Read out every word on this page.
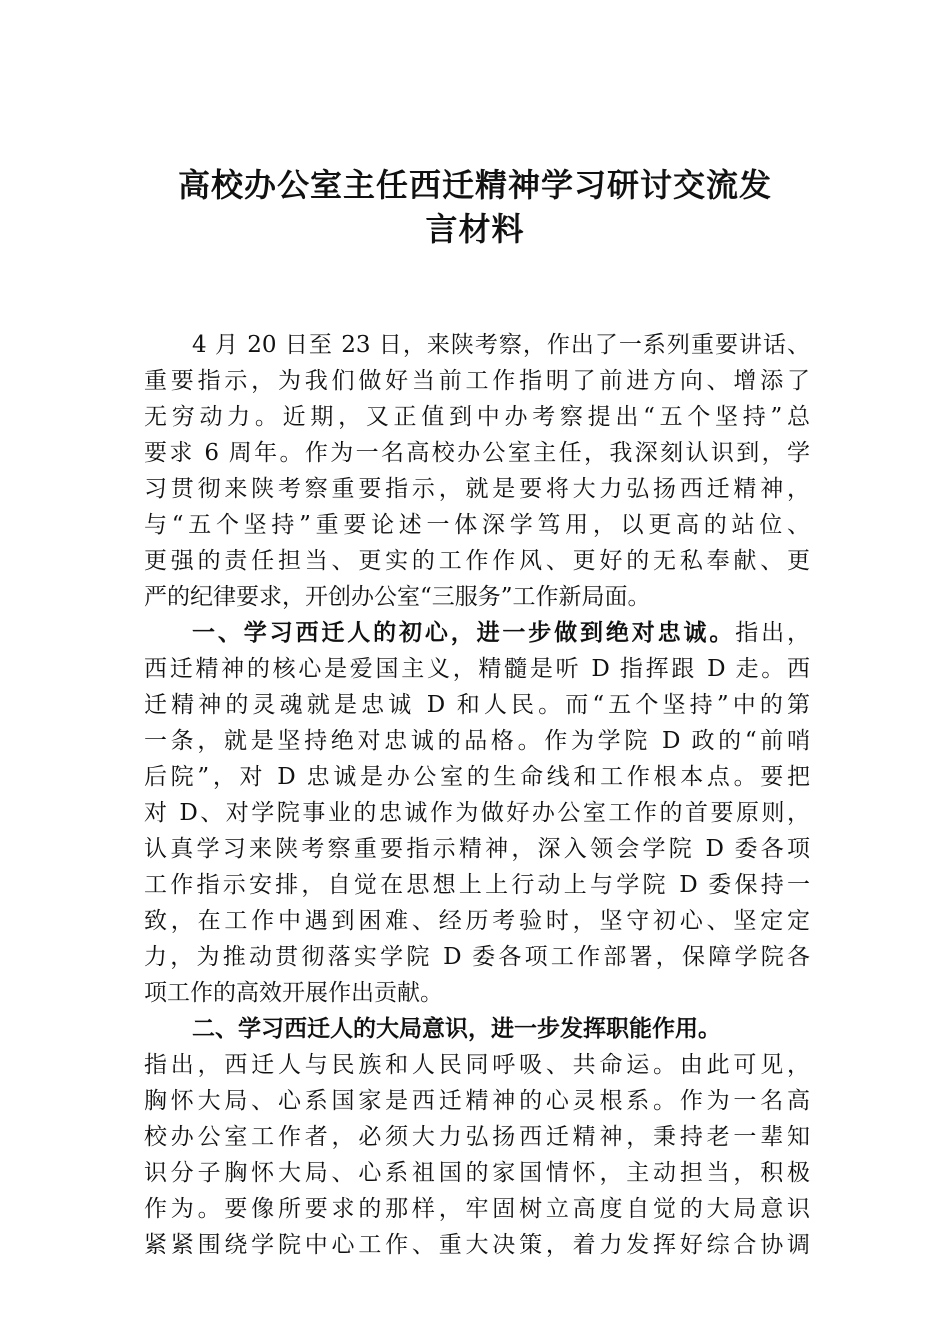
高校办公室主任西迁精神学习研讨交流发
言材料
4 月 20 日至 23 日，来陕考察，作出了一系列重要讲话、
重要指示，为我们做好当前工作指明了前进方向、增添了
无穷动力。近期，又正值到中办考察提出“五个坚持”总
要求 6 周年。作为一名高校办公室主任，我深刻认识到，学
习贯彻来陕考察重要指示，就是要将大力弘扬西迁精神，
与“五个坚持”重要论述一体深学笃用，以更高的站位、
更强的责任担当、更实的工作作风、更好的无私奉献、更
严的纪律要求，开创办公室“三服务”工作新局面。
一、学习西迁人的初心，进一步做到绝对忠诚。指出，
西迁精神的核心是爱国主义，精髓是听 D 指挥跟 D 走。西
迁精神的灵魂就是忠诚 D 和人民。而“五个坚持”中的第
一条，就是坚持绝对忠诚的品格。作为学院 D 政的“前哨
后院”，对 D 忠诚是办公室的生命线和工作根本点。要把
对 D、对学院事业的忠诚作为做好办公室工作的首要原则，
认真学习来陕考察重要指示精神，深入领会学院 D 委各项
工作指示安排，自觉在思想上上行动上与学院 D 委保持一
致，在工作中遇到困难、经历考验时，坚守初心、坚定定
力，为推动贯彻落实学院 D 委各项工作部署，保障学院各
项工作的高效开展作出贡献。
二、学习西迁人的大局意识，进一步发挥职能作用。
指出，西迁人与民族和人民同呼吸、共命运。由此可见，
胸怀大局、心系国家是西迁精神的心灵根系。作为一名高
校办公室工作者，必须大力弘扬西迁精神，秉持老一辈知
识分子胸怀大局、心系祖国的家国情怀，主动担当，积极
作为。要像所要求的那样，牢固树立高度自觉的大局意识
紧紧围绕学院中心工作、重大决策，着力发挥好综合协调
